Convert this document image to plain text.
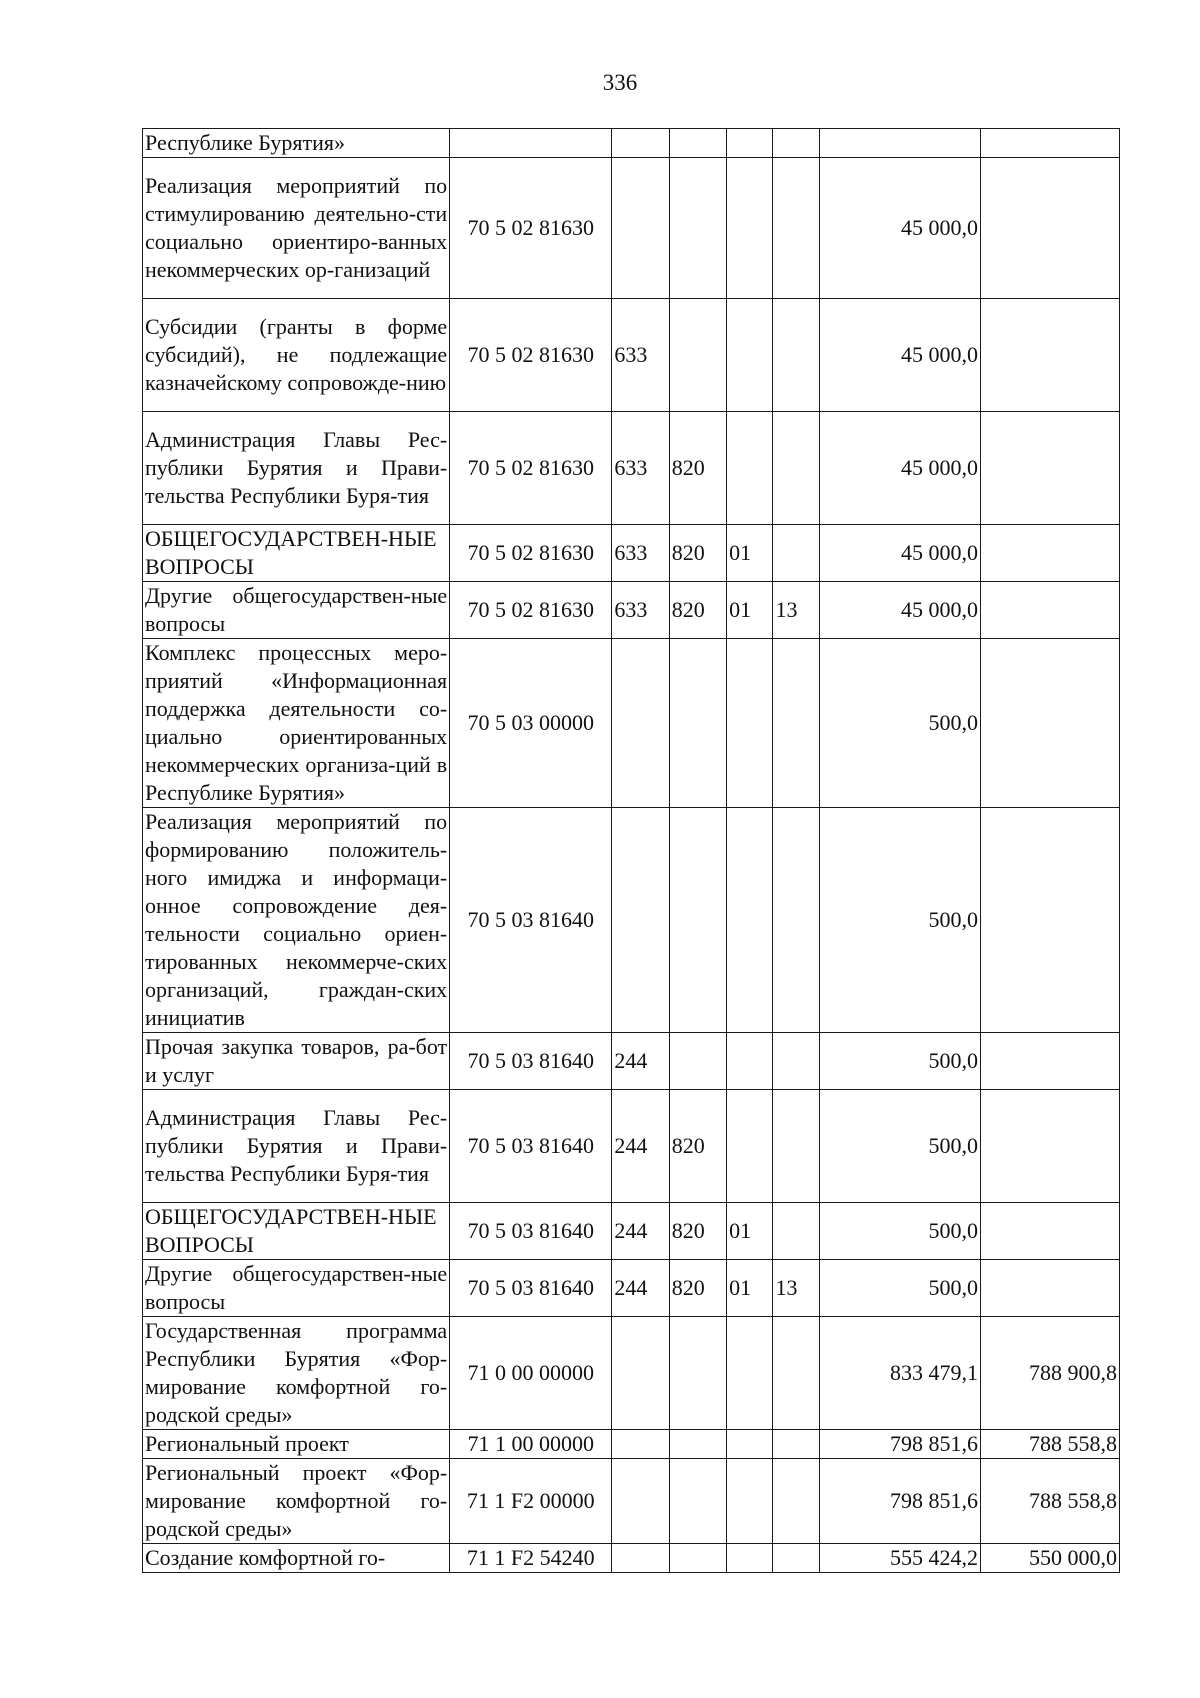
336
Республике Бурятия»							
Реализация мероприятий по стимулированию деятельно-сти социально ориентиро-ванных некоммерческих ор-ганизаций	70 5 02 81630					45 000,0	
Субсидии (гранты в форме субсидий), не подлежащие казначейскому сопровожде-нию	70 5 02 81630	633				45 000,0	
Администрация Главы Рес-публики Бурятия и Прави-тельства Республики Буря-тия	70 5 02 81630	633	820			45 000,0	
ОБЩЕГОСУДАРСТВЕН-НЫЕ ВОПРОСЫ	70 5 02 81630	633	820	01		45 000,0	
Другие общегосударствен-ные вопросы	70 5 02 81630	633	820	01	13	45 000,0	
Комплекс процессных меро-приятий «Информационная поддержка деятельности со-циально ориентированных некоммерческих организа-ций в Республике Бурятия»	70 5 03 00000					500,0	
Реализация мероприятий по формированию положитель-ного имиджа и информаци-онное сопровождение дея-тельности социально ориен-тированных некоммерче-ских организаций, граждан-ских инициатив	70 5 03 81640					500,0	
Прочая закупка товаров, ра-бот и услуг	70 5 03 81640	244				500,0	
Администрация Главы Рес-публики Бурятия и Прави-тельства Республики Буря-тия	70 5 03 81640	244	820			500,0	
ОБЩЕГОСУДАРСТВЕН-НЫЕ ВОПРОСЫ	70 5 03 81640	244	820	01		500,0	
Другие общегосударствен-ные вопросы	70 5 03 81640	244	820	01	13	500,0	
Государственная программа Республики Бурятия «Фор-мирование комфортной го-родской среды»	71 0 00 00000					833 479,1	788 900,8
Региональный проект	71 1 00 00000					798 851,6	788 558,8
Региональный проект «Фор-мирование комфортной го-родской среды»	71 1 F2 00000					798 851,6	788 558,8
Создание комфортной го-	71 1 F2 54240					555 424,2	550 000,0
